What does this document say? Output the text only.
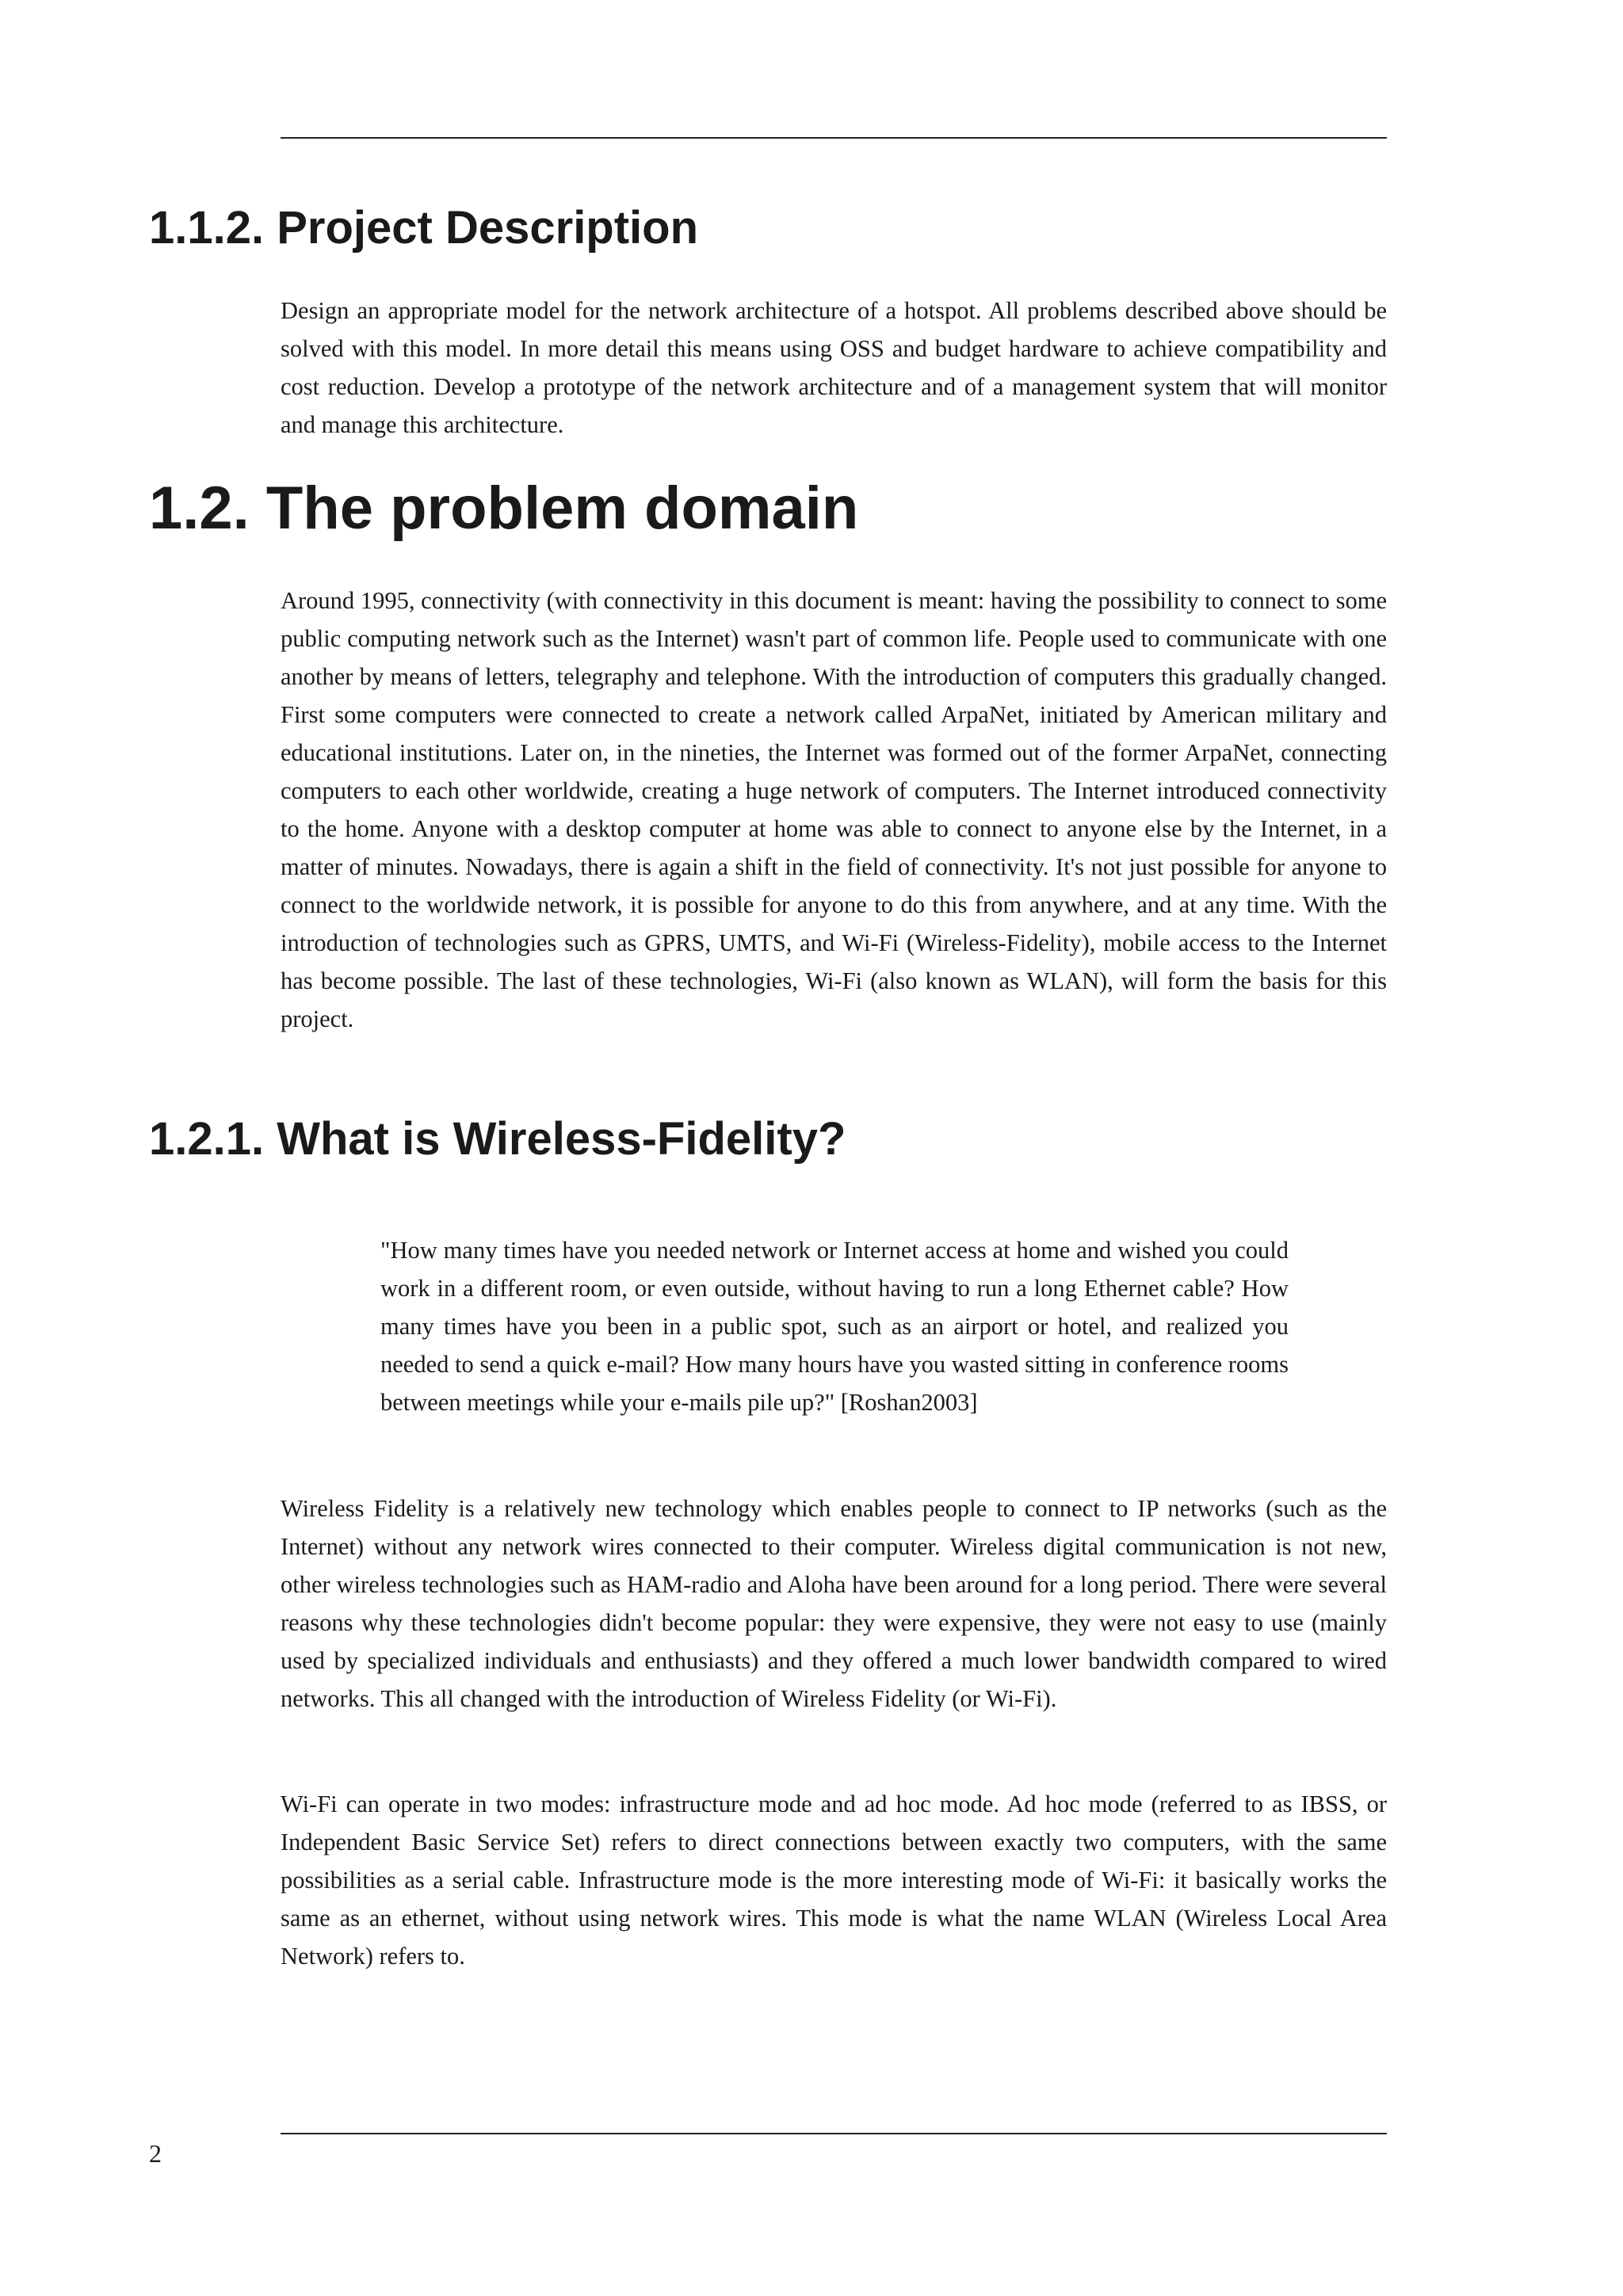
1.1.2. Project Description

Design an appropriate model for the network architecture of a hotspot. All problems described above should be solved with this model. In more detail this means using OSS and budget hardware to achieve compatibility and cost reduction. Develop a prototype of the network architecture and of a management system that will monitor and manage this architecture.

1.2. The problem domain

Around 1995, connectivity (with connectivity in this document is meant: having the possibility to connect to some public computing network such as the Internet) wasn't part of common life. People used to communicate with one another by means of letters, telegraphy and telephone. With the introduction of computers this gradually changed. First some computers were connected to create a network called ArpaNet, initiated by American military and educational institutions. Later on, in the nineties, the Internet was formed out of the former ArpaNet, connecting computers to each other worldwide, creating a huge network of computers. The Internet introduced connectivity to the home. Anyone with a desktop computer at home was able to connect to anyone else by the Internet, in a matter of minutes. Nowadays, there is again a shift in the field of connectivity. It's not just possible for anyone to connect to the worldwide network, it is possible for anyone to do this from anywhere, and at any time. With the introduction of technologies such as GPRS, UMTS, and Wi-Fi (Wireless-Fidelity), mobile access to the Internet has become possible. The last of these technologies, Wi-Fi (also known as WLAN), will form the basis for this project.

1.2.1. What is Wireless-Fidelity?
"How many times have you needed network or Internet access at home and wished you could work in a different room, or even outside, without having to run a long Ethernet cable? How many times have you been in a public spot, such as an airport or hotel, and realized you needed to send a quick e-mail? How many hours have you wasted sitting in conference rooms between meetings while your e-mails pile up?" [Roshan2003]

Wireless Fidelity is a relatively new technology which enables people to connect to IP networks (such as the Internet) without any network wires connected to their computer. Wireless digital communication is not new, other wireless technologies such as HAM-radio and Aloha have been around for a long period. There were several reasons why these technologies didn't become popular: they were expensive, they were not easy to use (mainly used by specialized individuals and enthusiasts) and they offered a much lower bandwidth compared to wired networks. This all changed with the introduction of Wireless Fidelity (or Wi-Fi).

Wi-Fi can operate in two modes: infrastructure mode and ad hoc mode. Ad hoc mode (referred to as IBSS, or Independent Basic Service Set) refers to direct connections between exactly two computers, with the same possibilities as a serial cable. Infrastructure mode is the more interesting mode of Wi-Fi: it basically works the same as an ethernet, without using network wires. This mode is what the name WLAN (Wireless Local Area Network) refers to.

2
